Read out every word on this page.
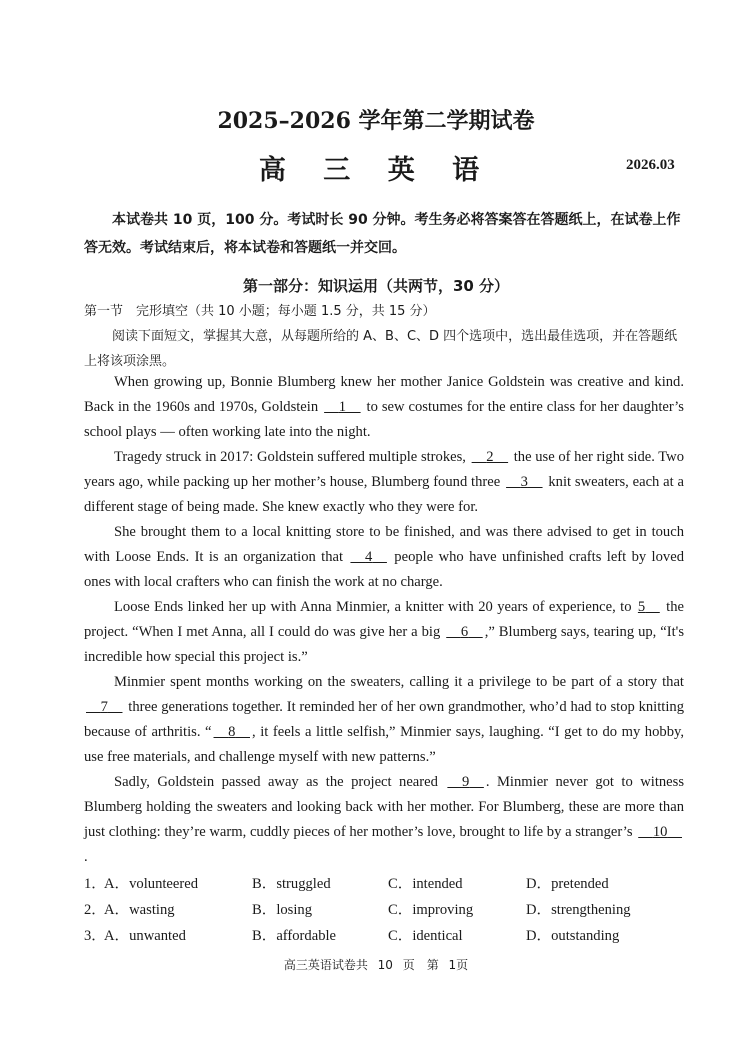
2025–2026 学年第二学期试卷
高 三 英 语	2026.03
本试卷共 10 页，100 分。考试时长 90 分钟。考生务必将答案答在答题纸上，在试卷上作答无效。考试结束后，将本试卷和答题纸一并交回。
第一部分：知识运用（共两节，30 分）
第一节　完形填空（共 10 小题；每小题 1.5 分，共 15 分）
阅读下面短文，掌握其大意，从每题所给的 A、B、C、D 四个选项中，选出最佳选项，并在答题纸上将该项涂黑。

When growing up, Bonnie Blumberg knew her mother Janice Goldstein was creative and kind. Back in the 1960s and 1970s, Goldstein     1     to sew costumes for the entire class for her daughter’s school plays — often working late into the night.

Tragedy struck in 2017: Goldstein suffered multiple strokes,     2     the use of her right side. Two years ago, while packing up her mother’s house, Blumberg found three     3     knit sweaters, each at a different stage of being made. She knew exactly who they were for.

She brought them to a local knitting store to be finished, and was there advised to get in touch with Loose Ends. It is an organization that     4     people who have unfinished crafts left by loved ones with local crafters who can finish the work at no charge.

Loose Ends linked her up with Anna Minmier, a knitter with 20 years of experience, to 5     the project. “When I met Anna, all I could do was give her a big     6 ,” Blumberg says, tearing up, “It's incredible how special this project is.”

Minmier spent months working on the sweaters, calling it a privilege to be part of a story that     7     three generations together. It reminded her of her own grandmother, who’d had to stop knitting because of arthritis. “ 8 , it feels a little selfish,” Minmier says, laughing. “I get to do my hobby, use free materials, and challenge myself with new patterns.”

Sadly, Goldstein passed away as the project neared     9 . Minmier never got to witness Blumberg holding the sweaters and looking back with her mother. For Blumberg, these are more than just clothing: they’re warm, cuddly pieces of her mother’s love, brought to life by a stranger’s     10    .

1．
A．volunteered	B．struggled	C．intended	D．pretended
2．
A．wasting	B．losing	C．improving	D．strengthening
3．
A．unwanted	B．affordable	C．identical	D．outstanding
高三英语试卷共 10 页　第 1页
